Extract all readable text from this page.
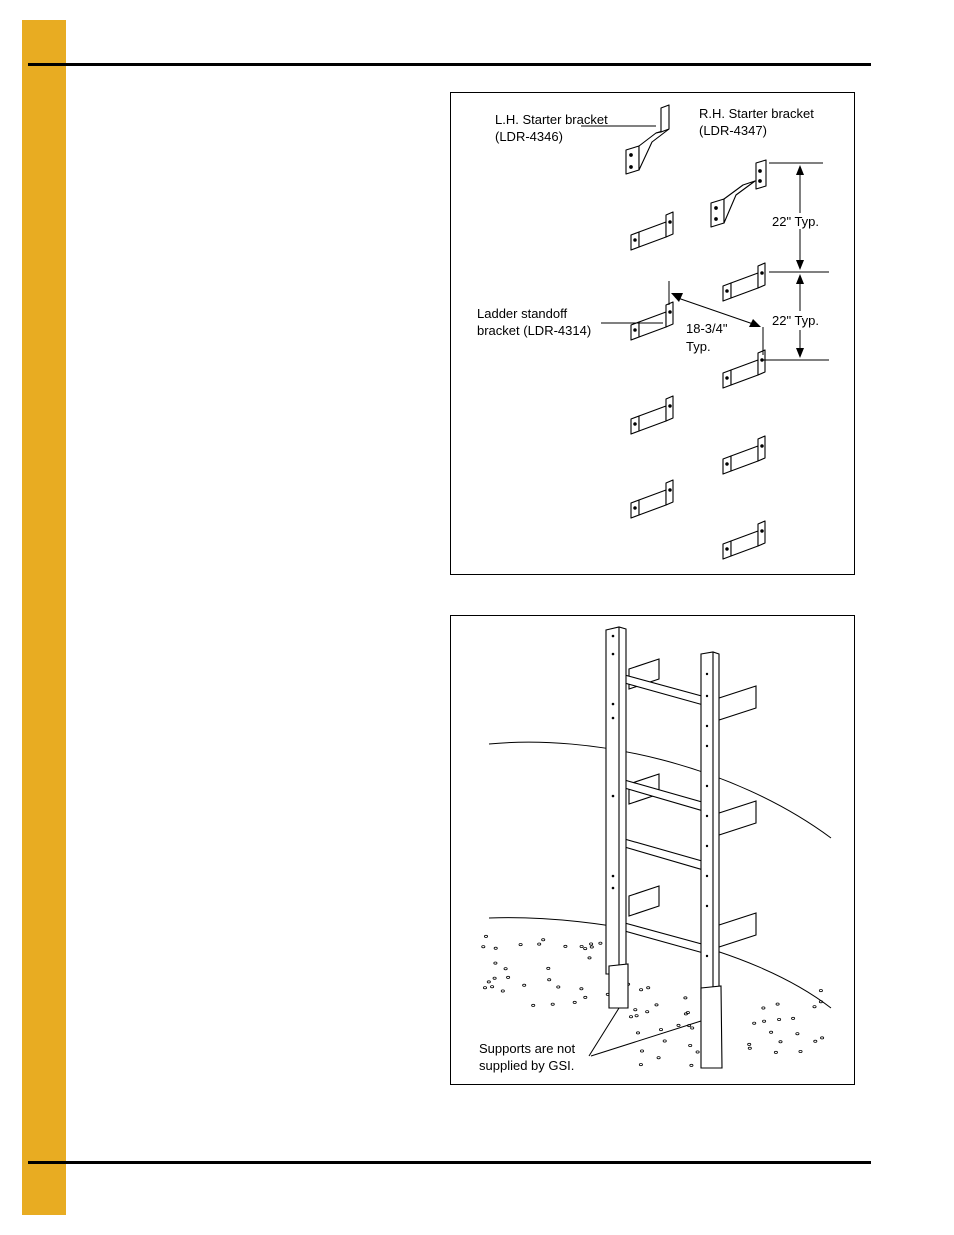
L.H. Starter bracket
(LDR-4346)
R.H. Starter bracket
(LDR-4347)
22" Typ.
22" Typ.
Ladder standoff
bracket (LDR-4314)	18-3/4"
Typ.
Supports are not
supplied by GSI.
